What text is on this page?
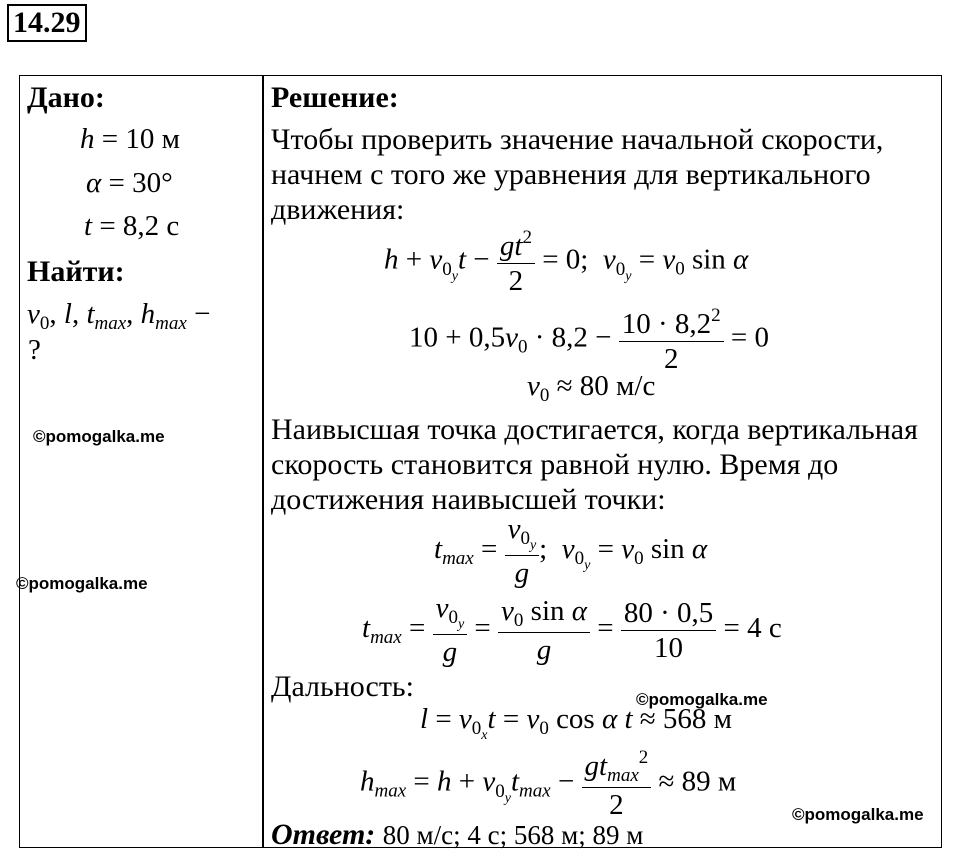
14.29
Дано:
h = 10 м
α = 30°
t = 8,2 с
Найти:
$v_0$, l, $t_{max}$, $h_{max}$ −
?
©pomogalka.me
©pomogalka.me
Решение:
Чтобы проверить значение начальной скорости,
начнем с того же уравнения для вертикального
движения:
$h + v_{0_y}t - \frac{gt^2}{2} = 0$;  $v_{0_y} = v_0$ sin α
$10 + 0,5v_0 \cdot 8,2 - \frac{10 \cdot 8,2^2}{2} = 0$
$v_0 \approx 80$ м/с
Наивысшая точка достигается, когда вертикальная
скорость становится равной нулю. Время до
достижения наивысшей точки:
$t_{max} = \frac{v_{0_y}}{g}$ ;  $v_{0_y} = v_0$ sin α
$t_{max} = \frac{v_{0_y}}{g} = \frac{v_0 \sin \alpha}{g} = \frac{80 \cdot 0,5}{10} = 4$ с
Дальность:	©pomogalka.me
$l = v_{0_x}t = v_0$ cos α t ≈ 568 м
$h_{max} = h + v_{0_y}t_{max} - \frac{gt_{max}^2}{2} \approx 89$ м
©pomogalka.me
Ответ: 80 м/с; 4 с; 568 м; 89 м
